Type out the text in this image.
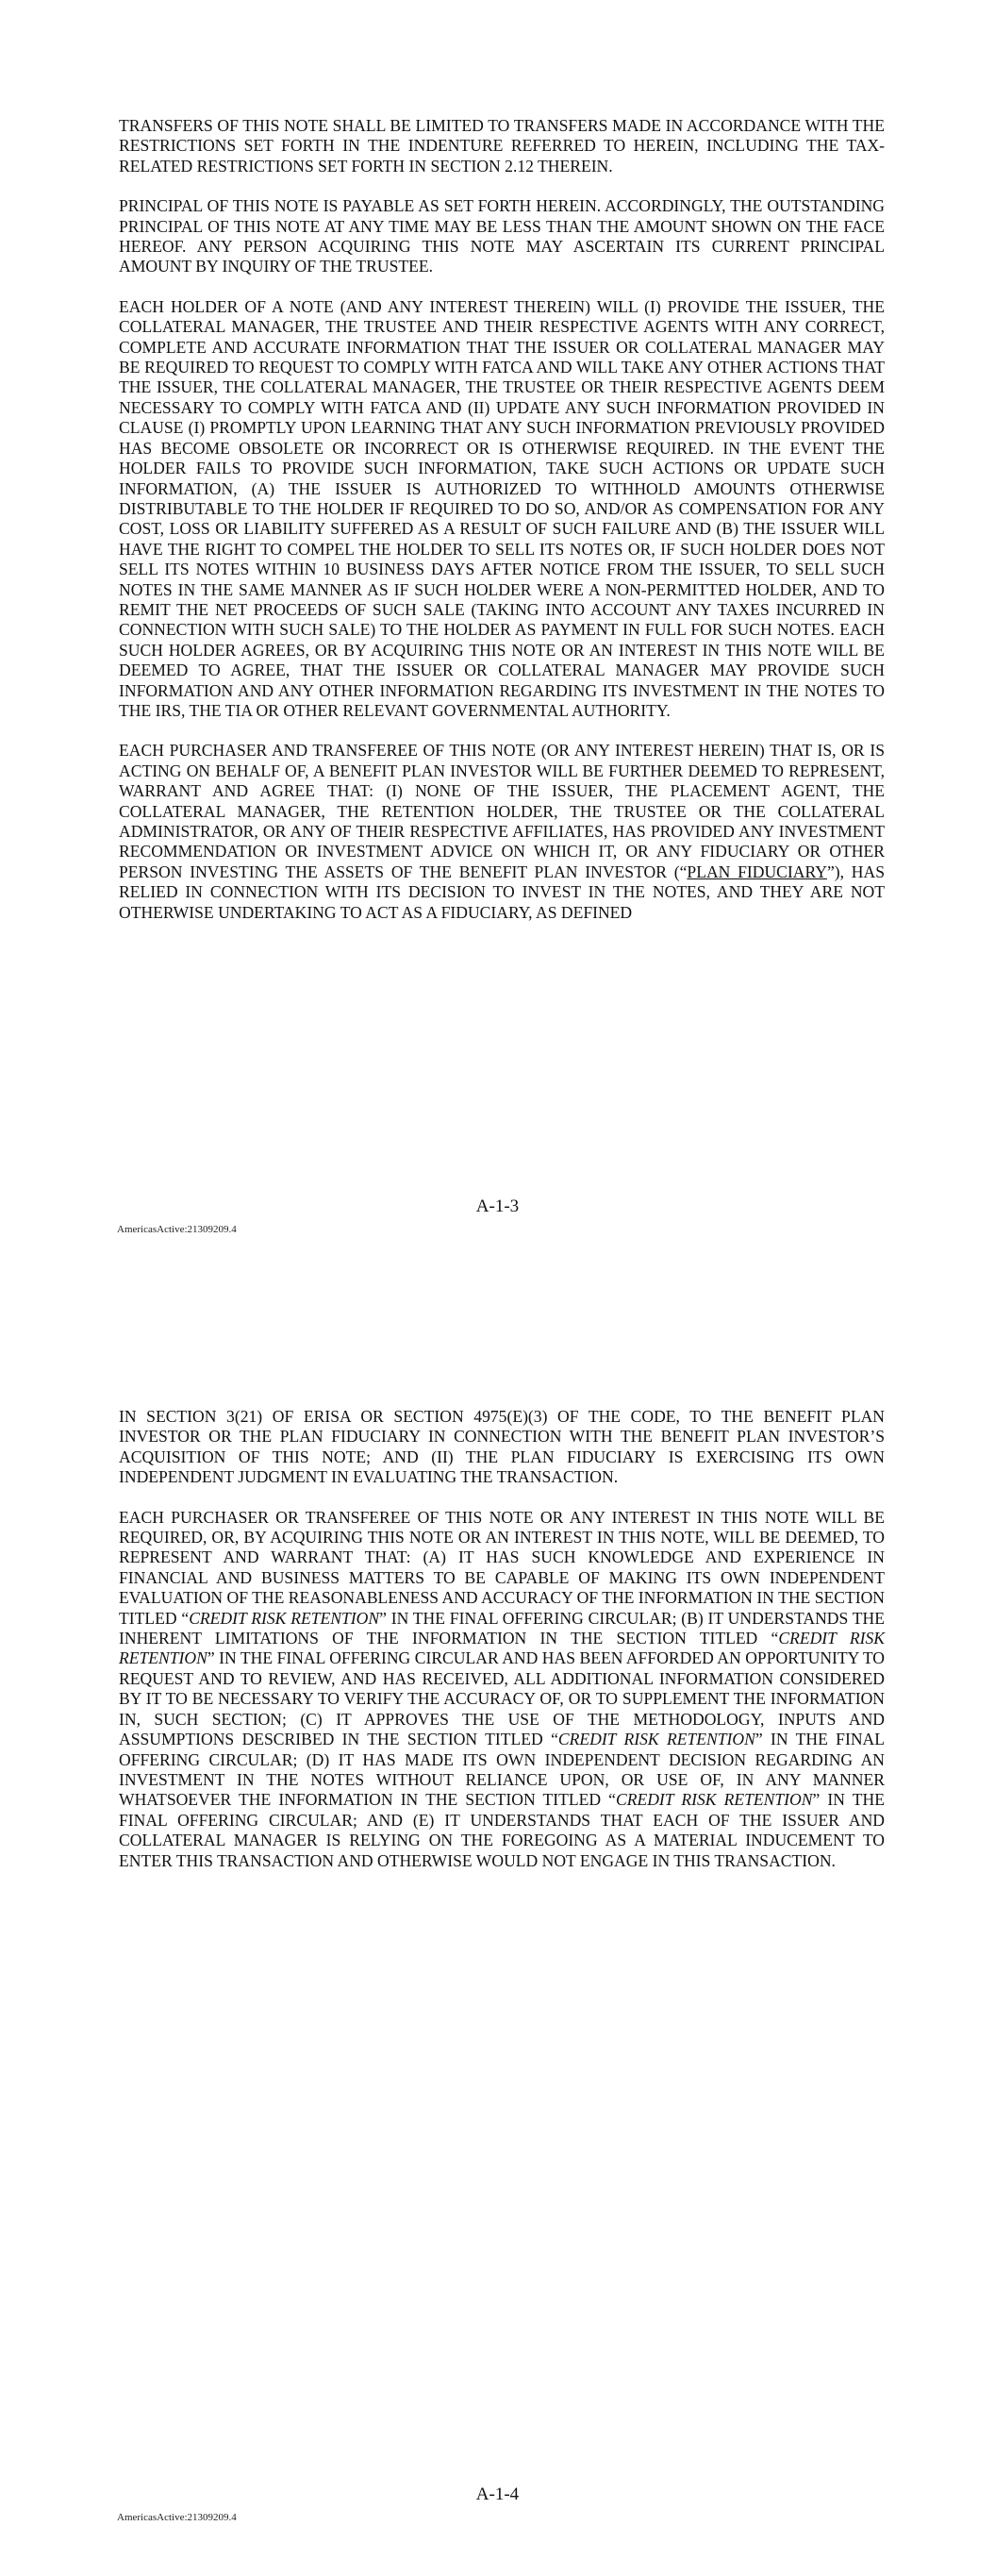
TRANSFERS OF THIS NOTE SHALL BE LIMITED TO TRANSFERS MADE IN ACCORDANCE WITH THE RESTRICTIONS SET FORTH IN THE INDENTURE REFERRED TO HEREIN, INCLUDING THE TAX-RELATED RESTRICTIONS SET FORTH IN SECTION 2.12 THEREIN.

PRINCIPAL OF THIS NOTE IS PAYABLE AS SET FORTH HEREIN. ACCORDINGLY, THE OUTSTANDING PRINCIPAL OF THIS NOTE AT ANY TIME MAY BE LESS THAN THE AMOUNT SHOWN ON THE FACE HEREOF. ANY PERSON ACQUIRING THIS NOTE MAY ASCERTAIN ITS CURRENT PRINCIPAL AMOUNT BY INQUIRY OF THE TRUSTEE.

EACH HOLDER OF A NOTE (AND ANY INTEREST THEREIN) WILL (I) PROVIDE THE ISSUER, THE COLLATERAL MANAGER, THE TRUSTEE AND THEIR RESPECTIVE AGENTS WITH ANY CORRECT, COMPLETE AND ACCURATE INFORMATION THAT THE ISSUER OR COLLATERAL MANAGER MAY BE REQUIRED TO REQUEST TO COMPLY WITH FATCA AND WILL TAKE ANY OTHER ACTIONS THAT THE ISSUER, THE COLLATERAL MANAGER, THE TRUSTEE OR THEIR RESPECTIVE AGENTS DEEM NECESSARY TO COMPLY WITH FATCA AND (II) UPDATE ANY SUCH INFORMATION PROVIDED IN CLAUSE (I) PROMPTLY UPON LEARNING THAT ANY SUCH INFORMATION PREVIOUSLY PROVIDED HAS BECOME OBSOLETE OR INCORRECT OR IS OTHERWISE REQUIRED. IN THE EVENT THE HOLDER FAILS TO PROVIDE SUCH INFORMATION, TAKE SUCH ACTIONS OR UPDATE SUCH INFORMATION, (A) THE ISSUER IS AUTHORIZED TO WITHHOLD AMOUNTS OTHERWISE DISTRIBUTABLE TO THE HOLDER IF REQUIRED TO DO SO, AND/OR AS COMPENSATION FOR ANY COST, LOSS OR LIABILITY SUFFERED AS A RESULT OF SUCH FAILURE AND (B) THE ISSUER WILL HAVE THE RIGHT TO COMPEL THE HOLDER TO SELL ITS NOTES OR, IF SUCH HOLDER DOES NOT SELL ITS NOTES WITHIN 10 BUSINESS DAYS AFTER NOTICE FROM THE ISSUER, TO SELL SUCH NOTES IN THE SAME MANNER AS IF SUCH HOLDER WERE A NON-PERMITTED HOLDER, AND TO REMIT THE NET PROCEEDS OF SUCH SALE (TAKING INTO ACCOUNT ANY TAXES INCURRED IN CONNECTION WITH SUCH SALE) TO THE HOLDER AS PAYMENT IN FULL FOR SUCH NOTES. EACH SUCH HOLDER AGREES, OR BY ACQUIRING THIS NOTE OR AN INTEREST IN THIS NOTE WILL BE DEEMED TO AGREE, THAT THE ISSUER OR COLLATERAL MANAGER MAY PROVIDE SUCH INFORMATION AND ANY OTHER INFORMATION REGARDING ITS INVESTMENT IN THE NOTES TO THE IRS, THE TIA OR OTHER RELEVANT GOVERNMENTAL AUTHORITY.

EACH PURCHASER AND TRANSFEREE OF THIS NOTE (OR ANY INTEREST HEREIN) THAT IS, OR IS ACTING ON BEHALF OF, A BENEFIT PLAN INVESTOR WILL BE FURTHER DEEMED TO REPRESENT, WARRANT AND AGREE THAT: (I) NONE OF THE ISSUER, THE PLACEMENT AGENT, THE COLLATERAL MANAGER, THE RETENTION HOLDER, THE TRUSTEE OR THE COLLATERAL ADMINISTRATOR, OR ANY OF THEIR RESPECTIVE AFFILIATES, HAS PROVIDED ANY INVESTMENT RECOMMENDATION OR INVESTMENT ADVICE ON WHICH IT, OR ANY FIDUCIARY OR OTHER PERSON INVESTING THE ASSETS OF THE BENEFIT PLAN INVESTOR (“PLAN FIDUCIARY”), HAS RELIED IN CONNECTION WITH ITS DECISION TO INVEST IN THE NOTES, AND THEY ARE NOT OTHERWISE UNDERTAKING TO ACT AS A FIDUCIARY, AS DEFINED

A-1-3
AmericasActive:21309209.4

IN SECTION 3(21) OF ERISA OR SECTION 4975(E)(3) OF THE CODE, TO THE BENEFIT PLAN INVESTOR OR THE PLAN FIDUCIARY IN CONNECTION WITH THE BENEFIT PLAN INVESTOR’S ACQUISITION OF THIS NOTE; AND (II) THE PLAN FIDUCIARY IS EXERCISING ITS OWN INDEPENDENT JUDGMENT IN EVALUATING THE TRANSACTION.

EACH PURCHASER OR TRANSFEREE OF THIS NOTE OR ANY INTEREST IN THIS NOTE WILL BE REQUIRED, OR, BY ACQUIRING THIS NOTE OR AN INTEREST IN THIS NOTE, WILL BE DEEMED, TO REPRESENT AND WARRANT THAT: (A) IT HAS SUCH KNOWLEDGE AND EXPERIENCE IN FINANCIAL AND BUSINESS MATTERS TO BE CAPABLE OF MAKING ITS OWN INDEPENDENT EVALUATION OF THE REASONABLENESS AND ACCURACY OF THE INFORMATION IN THE SECTION TITLED “CREDIT RISK RETENTION” IN THE FINAL OFFERING CIRCULAR; (B) IT UNDERSTANDS THE INHERENT LIMITATIONS OF THE INFORMATION IN THE SECTION TITLED “CREDIT RISK RETENTION” IN THE FINAL OFFERING CIRCULAR AND HAS BEEN AFFORDED AN OPPORTUNITY TO REQUEST AND TO REVIEW, AND HAS RECEIVED, ALL ADDITIONAL INFORMATION CONSIDERED BY IT TO BE NECESSARY TO VERIFY THE ACCURACY OF, OR TO SUPPLEMENT THE INFORMATION IN, SUCH SECTION; (C) IT APPROVES THE USE OF THE METHODOLOGY, INPUTS AND ASSUMPTIONS DESCRIBED IN THE SECTION TITLED “CREDIT RISK RETENTION” IN THE FINAL OFFERING CIRCULAR; (D) IT HAS MADE ITS OWN INDEPENDENT DECISION REGARDING AN INVESTMENT IN THE NOTES WITHOUT RELIANCE UPON, OR USE OF, IN ANY MANNER WHATSOEVER THE INFORMATION IN THE SECTION TITLED “CREDIT RISK RETENTION” IN THE FINAL OFFERING CIRCULAR; AND (E) IT UNDERSTANDS THAT EACH OF THE ISSUER AND COLLATERAL MANAGER IS RELYING ON THE FOREGOING AS A MATERIAL INDUCEMENT TO ENTER THIS TRANSACTION AND OTHERWISE WOULD NOT ENGAGE IN THIS TRANSACTION.

A-1-4
AmericasActive:21309209.4
